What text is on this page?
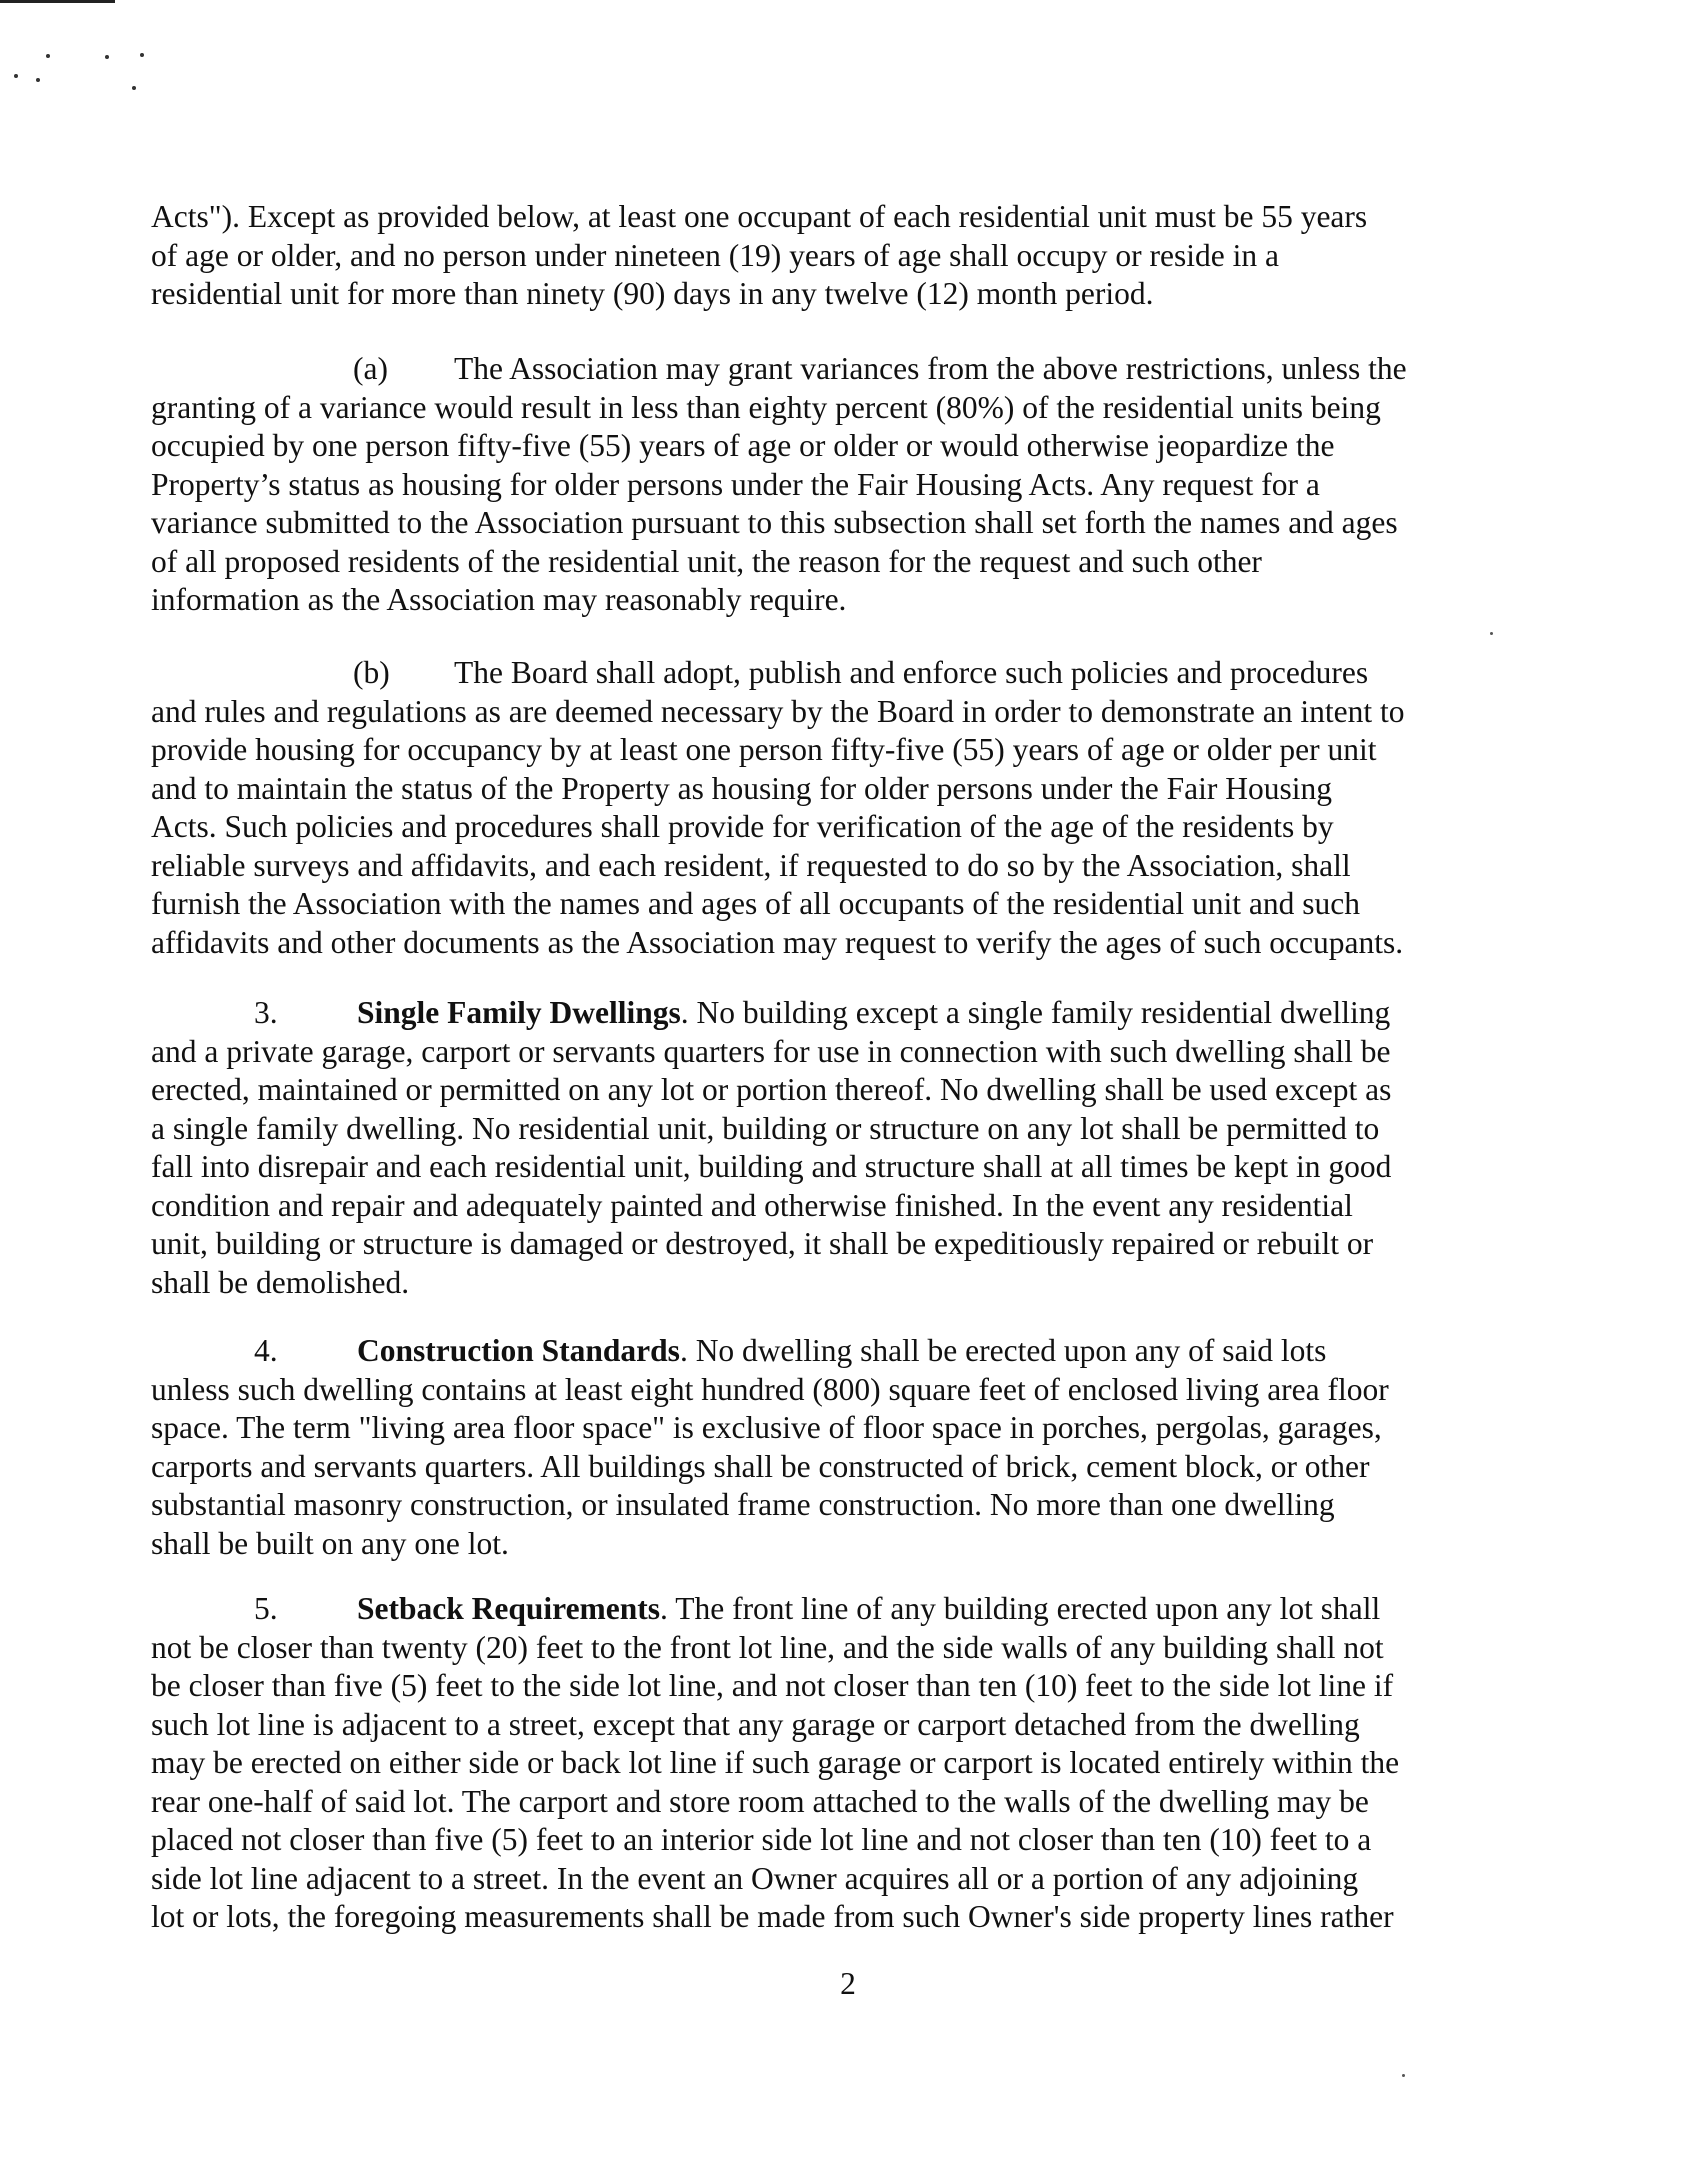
Acts"). Except as provided below, at least one occupant of each residential unit must be 55 years
of age or older, and no person under nineteen (19) years of age shall occupy or reside in a
residential unit for more than ninety (90) days in any twelve (12) month period.

(a) The Association may grant variances from the above restrictions, unless the
granting of a variance would result in less than eighty percent (80%) of the residential units being
occupied by one person fifty-five (55) years of age or older or would otherwise jeopardize the
Property’s status as housing for older persons under the Fair Housing Acts. Any request for a
variance submitted to the Association pursuant to this subsection shall set forth the names and ages
of all proposed residents of the residential unit, the reason for the request and such other
information as the Association may reasonably require.

(b) The Board shall adopt, publish and enforce such policies and procedures
and rules and regulations as are deemed necessary by the Board in order to demonstrate an intent to
provide housing for occupancy by at least one person fifty-five (55) years of age or older per unit
and to maintain the status of the Property as housing for older persons under the Fair Housing
Acts. Such policies and procedures shall provide for verification of the age of the residents by
reliable surveys and affidavits, and each resident, if requested to do so by the Association, shall
furnish the Association with the names and ages of all occupants of the residential unit and such
affidavits and other documents as the Association may request to verify the ages of such occupants.

3.	Single Family Dwellings. No building except a single family residential dwelling
and a private garage, carport or servants quarters for use in connection with such dwelling shall be
erected, maintained or permitted on any lot or portion thereof. No dwelling shall be used except as
a single family dwelling. No residential unit, building or structure on any lot shall be permitted to
fall into disrepair and each residential unit, building and structure shall at all times be kept in good
condition and repair and adequately painted and otherwise finished. In the event any residential
unit, building or structure is damaged or destroyed, it shall be expeditiously repaired or rebuilt or
shall be demolished.

4.	Construction Standards. No dwelling shall be erected upon any of said lots
unless such dwelling contains at least eight hundred (800) square feet of enclosed living area floor
space. The term "living area floor space" is exclusive of floor space in porches, pergolas, garages,
carports and servants quarters. All buildings shall be constructed of brick, cement block, or other
substantial masonry construction, or insulated frame construction. No more than one dwelling
shall be built on any one lot.

5.	Setback Requirements. The front line of any building erected upon any lot shall
not be closer than twenty (20) feet to the front lot line, and the side walls of any building shall not
be closer than five (5) feet to the side lot line, and not closer than ten (10) feet to the side lot line if
such lot line is adjacent to a street, except that any garage or carport detached from the dwelling
may be erected on either side or back lot line if such garage or carport is located entirely within the
rear one-half of said lot. The carport and store room attached to the walls of the dwelling may be
placed not closer than five (5) feet to an interior side lot line and not closer than ten (10) feet to a
side lot line adjacent to a street. In the event an Owner acquires all or a portion of any adjoining
lot or lots, the foregoing measurements shall be made from such Owner's side property lines rather

2
